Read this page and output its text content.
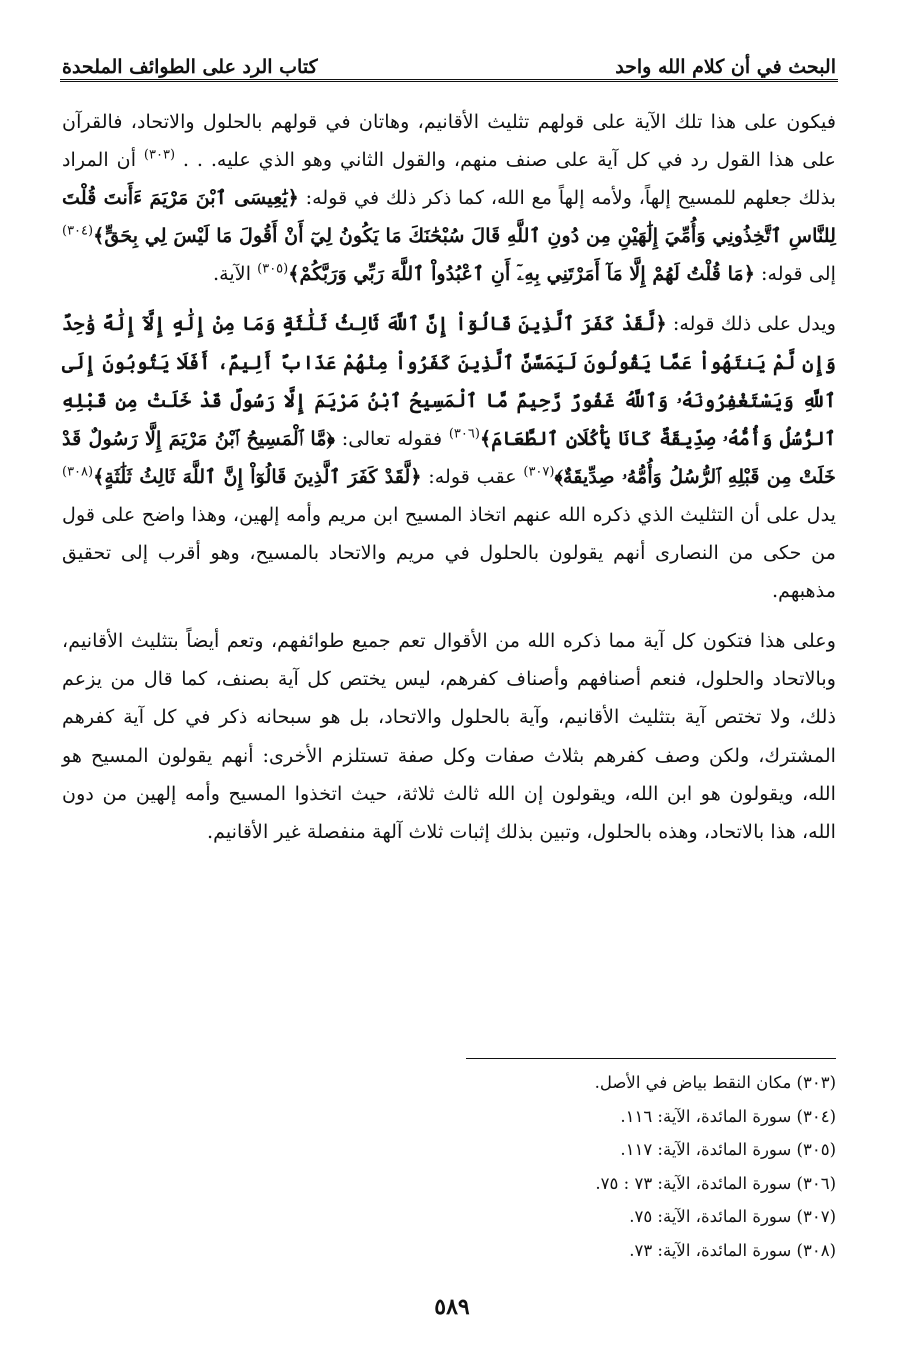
البحث في أن كلام الله واحد
كتاب الرد على الطوائف الملحدة

فيكون على هذا تلك الآية على قولهم تثليث الأقانيم، وهاتان في قولهم بالحلول والاتحاد، فالقرآن على هذا القول رد في كل آية على صنف منهم، والقول الثاني وهو الذي عليه. . . $^{(٣٠٣)}$ أن المراد بذلك جعلهم للمسيح إلهاً، ولأمه إلهاً مع الله، كما ذكر ذلك في قوله: ﴿يَٰعِيسَى ٱبْنَ مَرْيَمَ ءَأَنتَ قُلْتَ لِلنَّاسِ ٱتَّخِذُونِي وَأُمِّيَ إِلَٰهَيْنِ مِن دُونِ ٱللَّهِ قَالَ سُبْحَٰنَكَ مَا يَكُونُ لِيٓ أَنْ أَقُولَ مَا لَيْسَ لِي بِحَقٍّ﴾$^{(٣٠٤)}$ إلى قوله: ﴿مَا قُلْتُ لَهُمْ إِلَّا مَآ أَمَرْتَنِي بِهِۦٓ أَنِ ٱعْبُدُواْ ٱللَّهَ رَبِّي وَرَبَّكُمْ﴾$^{(٣٠٥)}$ الآية.

ويدل على ذلك قوله: ﴿لَّقَدْ كَفَرَ ٱلَّذِينَ قَالُوٓاْ إِنَّ ٱللَّهَ ثَالِثُ ثَلَٰثَةٍ وَمَا مِنْ إِلَٰهٍ إِلَّآ إِلَٰهٌ وَٰحِدٌ وَإِن لَّمْ يَنتَهُواْ عَمَّا يَقُولُونَ لَيَمَسَّنَّ ٱلَّذِينَ كَفَرُواْ مِنْهُمْ عَذَابٌ أَلِيمٌ، أَفَلَا يَتُوبُونَ إِلَى ٱللَّهِ وَيَسْتَغْفِرُونَهُۥ وَٱللَّهُ غَفُورٌ رَّحِيمٌ مَّا ٱلْمَسِيحُ ٱبْنُ مَرْيَمَ إِلَّا رَسُولٌ قَدْ خَلَتْ مِن قَبْلِهِ ٱلرُّسُلُ وَأُمُّهُۥ صِدِّيقَةٌ كَانَا يَأْكُلَانِ ٱلطَّعَامَ﴾$^{(٣٠٦)}$ فقوله تعالى: ﴿مَّا ٱلْمَسِيحُ ٱبْنُ مَرْيَمَ إِلَّا رَسُولٌ قَدْ خَلَتْ مِن قَبْلِهِ ٱلرُّسُلُ وَأُمُّهُۥ صِدِّيقَةٌ﴾$^{(٣٠٧)}$ عقب قوله: ﴿لَّقَدْ كَفَرَ ٱلَّذِينَ قَالُوٓاْ إِنَّ ٱللَّهَ ثَالِثُ ثَلَٰثَةٍ﴾$^{(٣٠٨)}$ يدل على أن التثليث الذي ذكره الله عنهم اتخاذ المسيح ابن مريم وأمه إلهين، وهذا واضح على قول من حكى من النصارى أنهم يقولون بالحلول في مريم والاتحاد بالمسيح، وهو أقرب إلى تحقيق مذهبهم.

وعلى هذا فتكون كل آية مما ذكره الله من الأقوال تعم جميع طوائفهم، وتعم أيضاً بتثليث الأقانيم، وبالاتحاد والحلول، فنعم أصنافهم وأصناف كفرهم، ليس يختص كل آية بصنف، كما قال من يزعم ذلك، ولا تختص آية بتثليث الأقانيم، وآية بالحلول والاتحاد، بل هو سبحانه ذكر في كل آية كفرهم المشترك، ولكن وصف كفرهم بثلاث صفات وكل صفة تستلزم الأخرى: أنهم يقولون المسيح هو الله، ويقولون هو ابن الله، ويقولون إن الله ثالث ثلاثة، حيث اتخذوا المسيح وأمه إلهين من دون الله، هذا بالاتحاد، وهذه بالحلول، وتبين بذلك إثبات ثلاث آلهة منفصلة غير الأقانيم.

(٣٠٣) مكان النقط بياض في الأصل.
(٣٠٤) سورة المائدة، الآية: ١١٦.
(٣٠٥) سورة المائدة، الآية: ١١٧.
(٣٠٦) سورة المائدة، الآية: ٧٣ : ٧٥.
(٣٠٧) سورة المائدة، الآية: ٧٥.
(٣٠٨) سورة المائدة، الآية: ٧٣.
٥٨٩
